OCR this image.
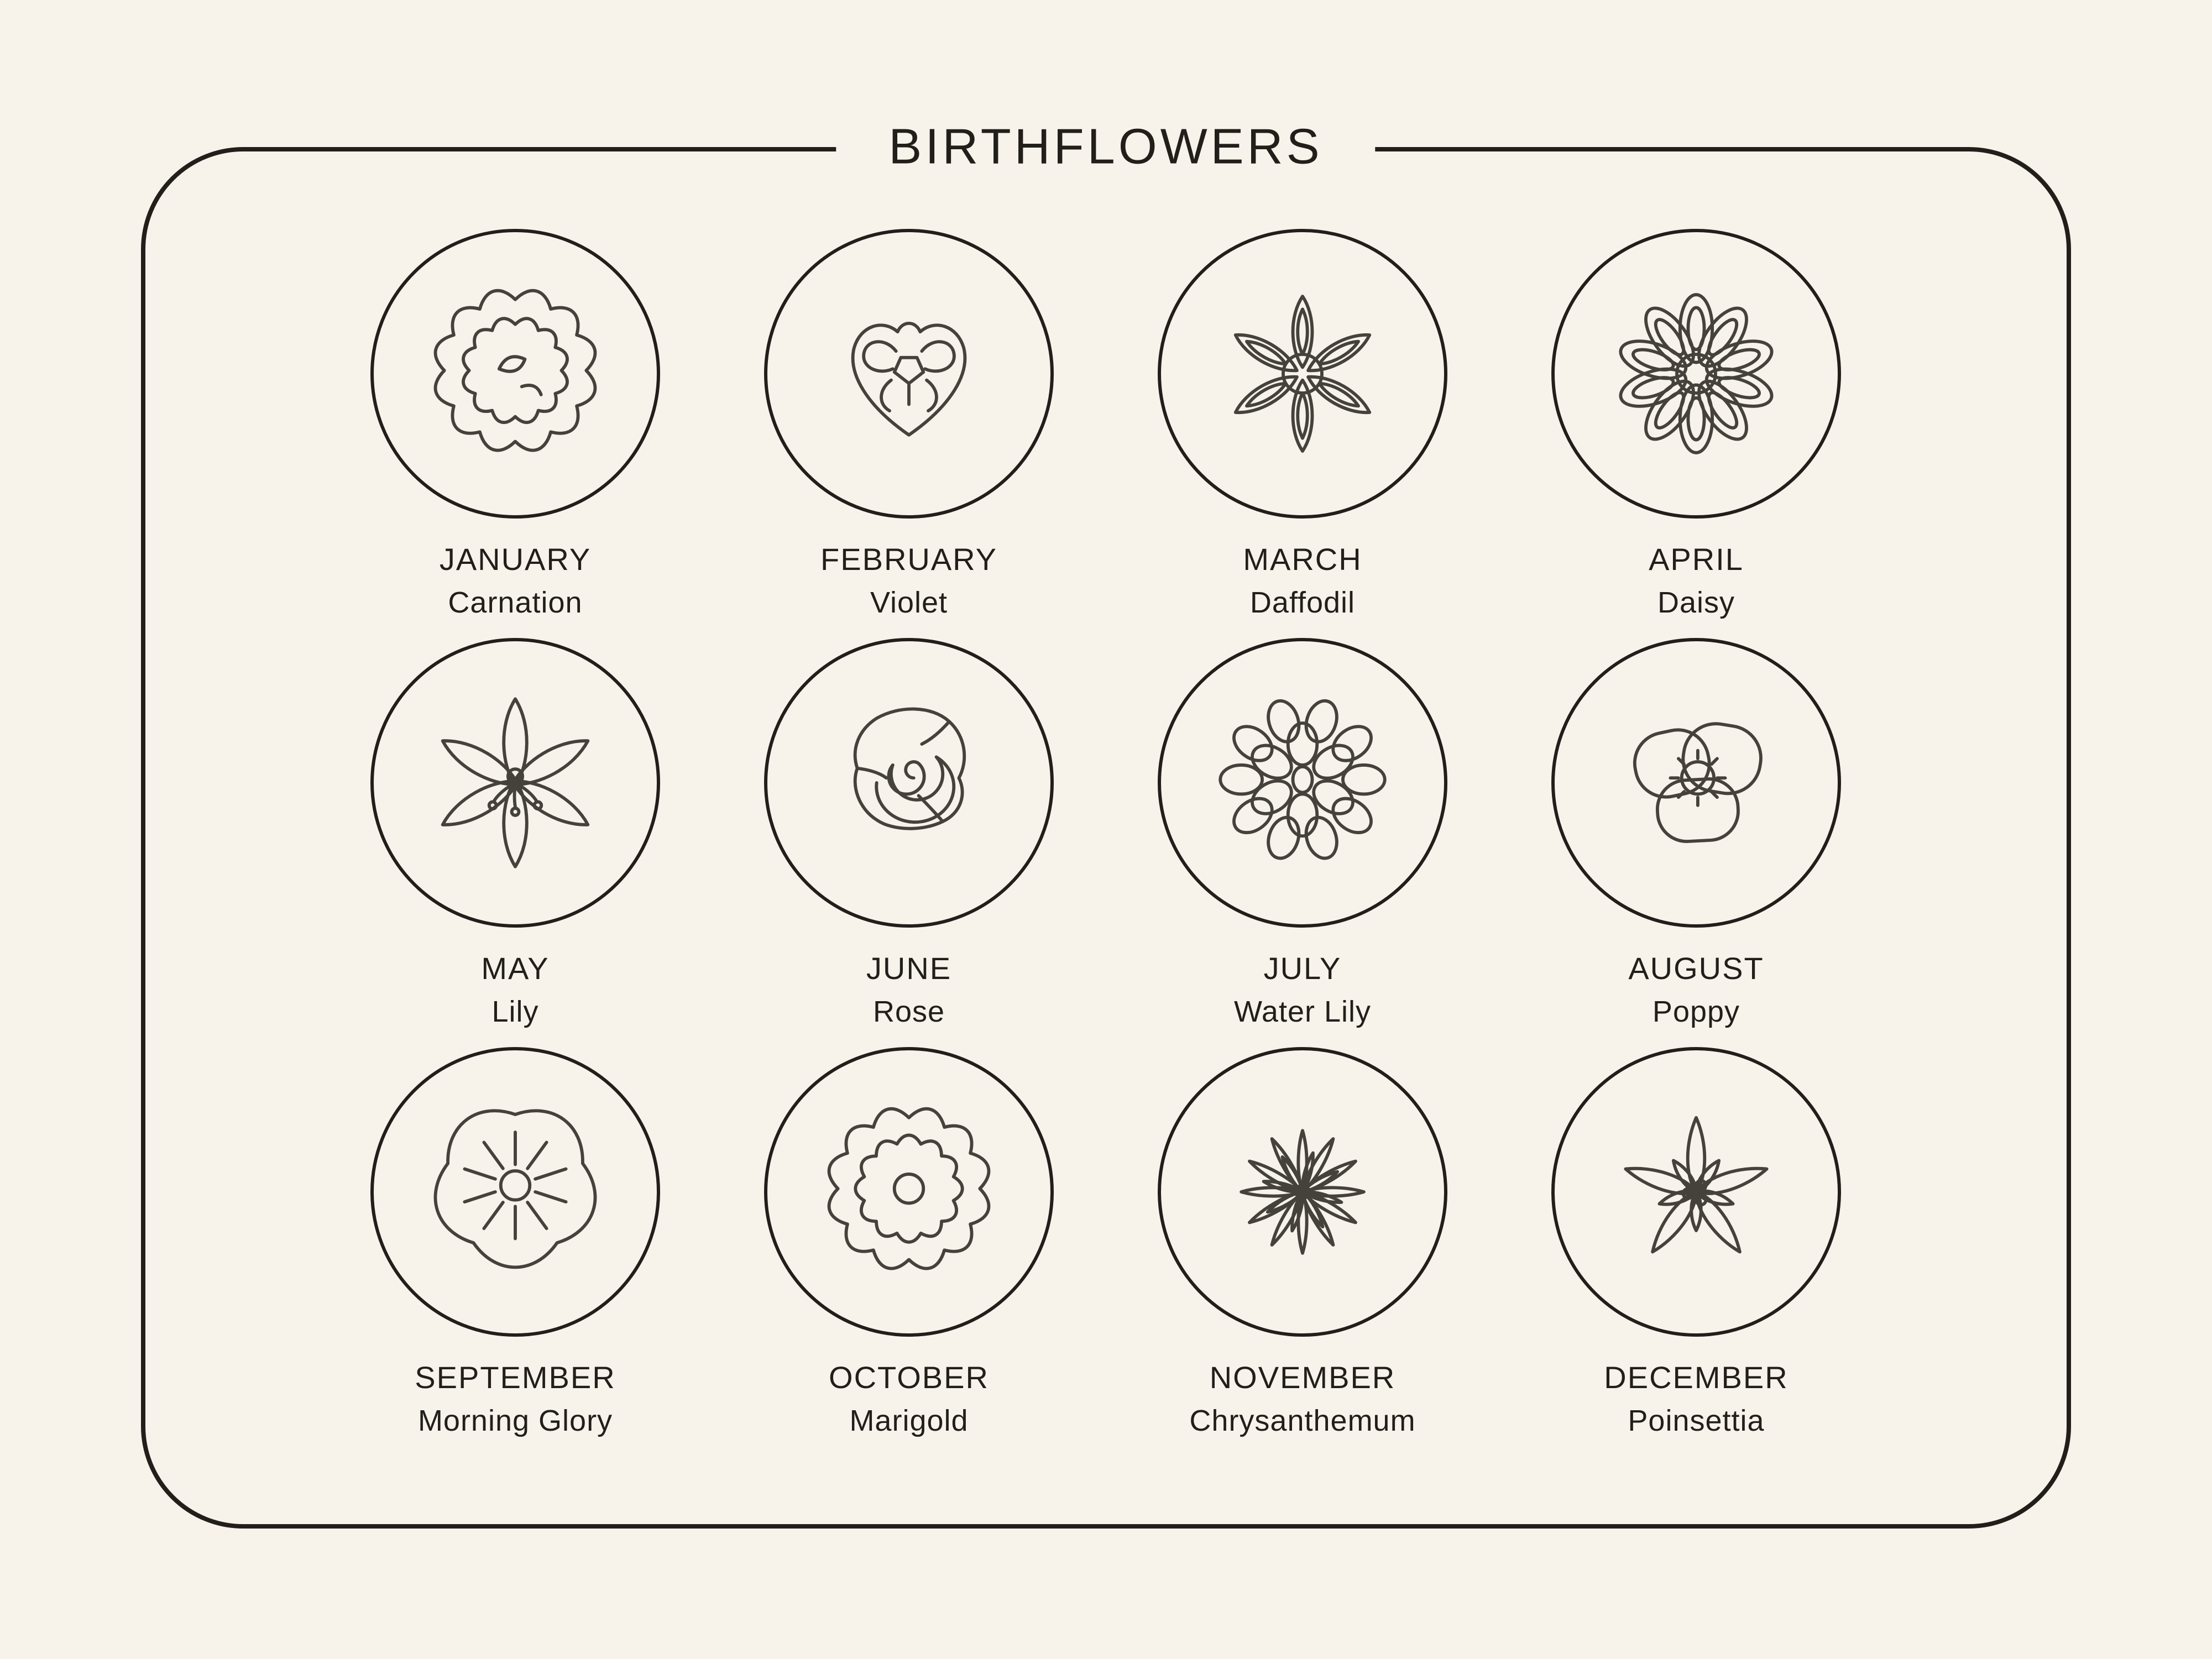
BIRTHFLOWERS
JANUARY
Carnation
FEBRUARY
Violet
MARCH
Daffodil
APRIL
Daisy
MAY
Lily
JUNE
Rose
JULY
Water Lily
AUGUST
Poppy
SEPTEMBER
Morning Glory
OCTOBER
Marigold
NOVEMBER
Chrysanthemum
DECEMBER
Poinsettia
